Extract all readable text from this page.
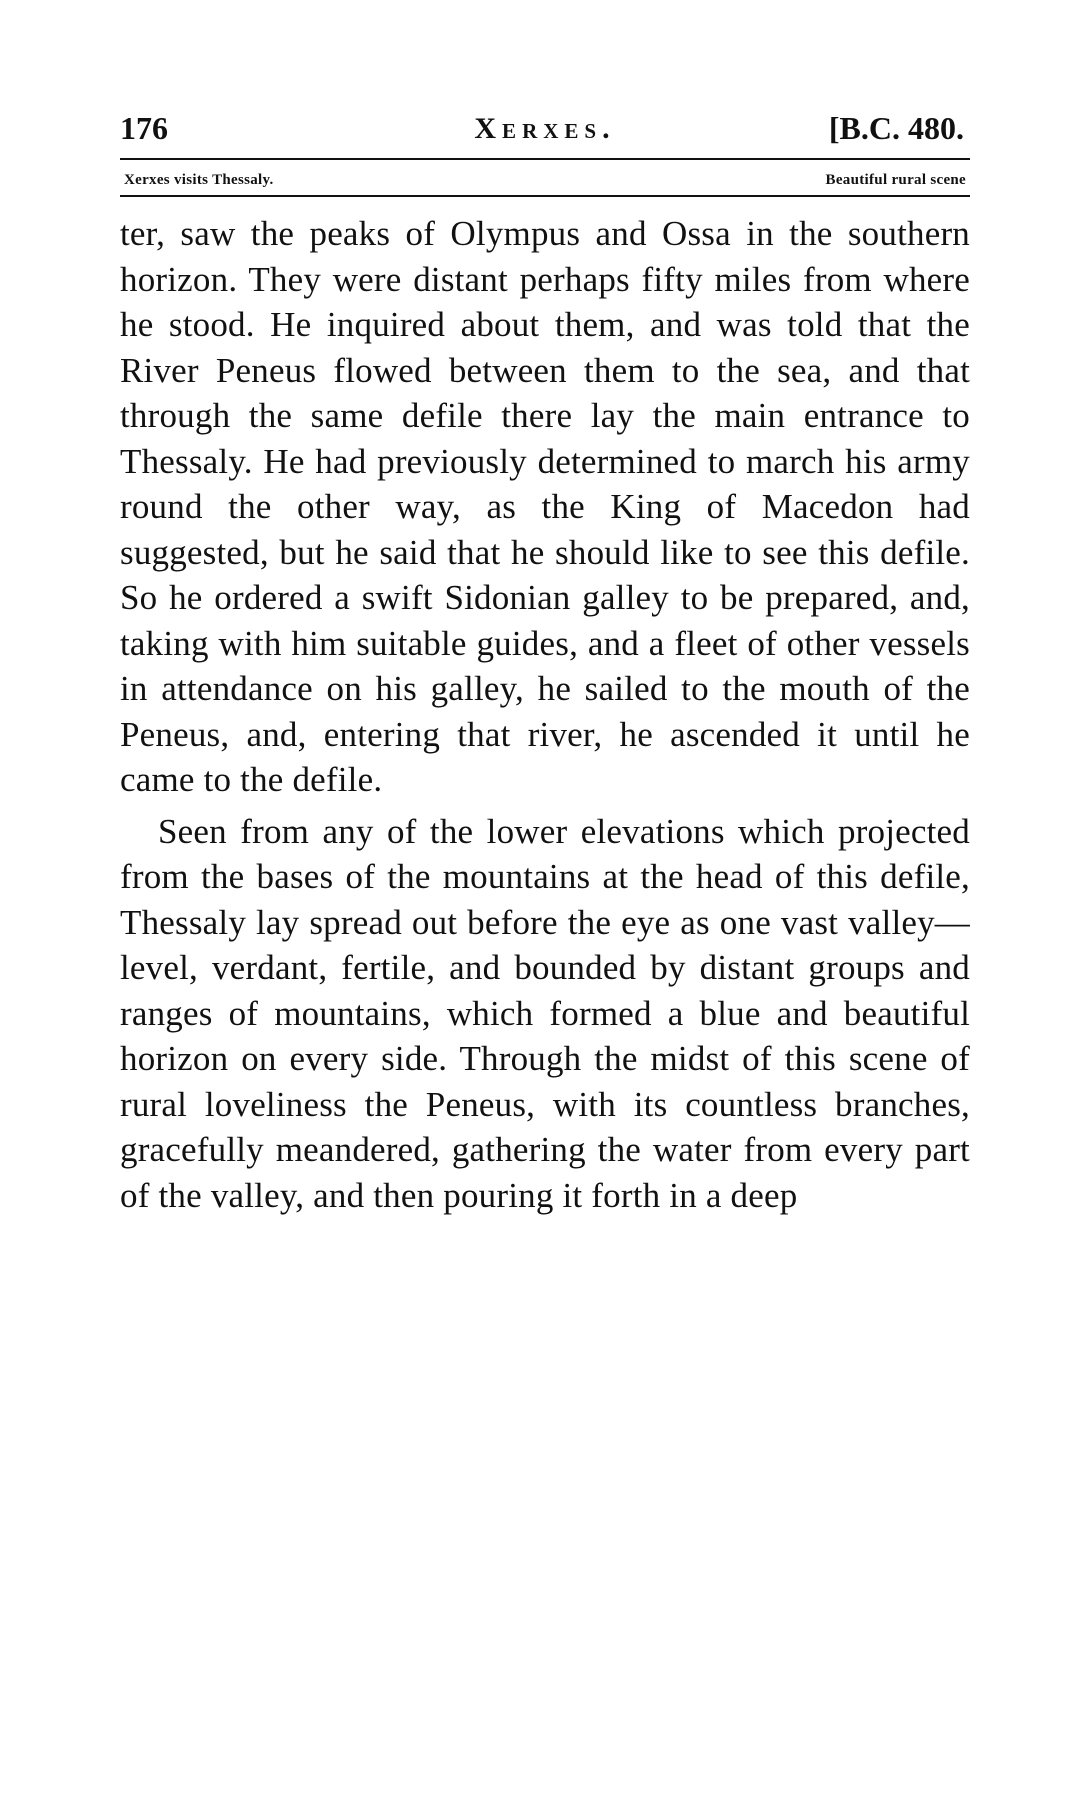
176	Xerxes.	[B.C. 480.
Xerxes visits Thessaly.	Beautiful rural scene

ter, saw the peaks of Olympus and Ossa in the southern horizon. They were distant perhaps fifty miles from where he stood. He inquired about them, and was told that the River Peneus flowed between them to the sea, and that through the same defile there lay the main entrance to Thessaly. He had previously determined to march his army round the other way, as the King of Macedon had suggested, but he said that he should like to see this defile. So he ordered a swift Sidonian galley to be prepared, and, taking with him suitable guides, and a fleet of other vessels in attendance on his galley, he sailed to the mouth of the Peneus, and, entering that river, he ascended it until he came to the defile.

Seen from any of the lower elevations which projected from the bases of the mountains at the head of this defile, Thessaly lay spread out before the eye as one vast valley—level, verdant, fertile, and bounded by distant groups and ranges of mountains, which formed a blue and beautiful horizon on every side. Through the midst of this scene of rural loveliness the Peneus, with its countless branches, gracefully meandered, gathering the water from every part of the valley, and then pouring it forth in a deep
